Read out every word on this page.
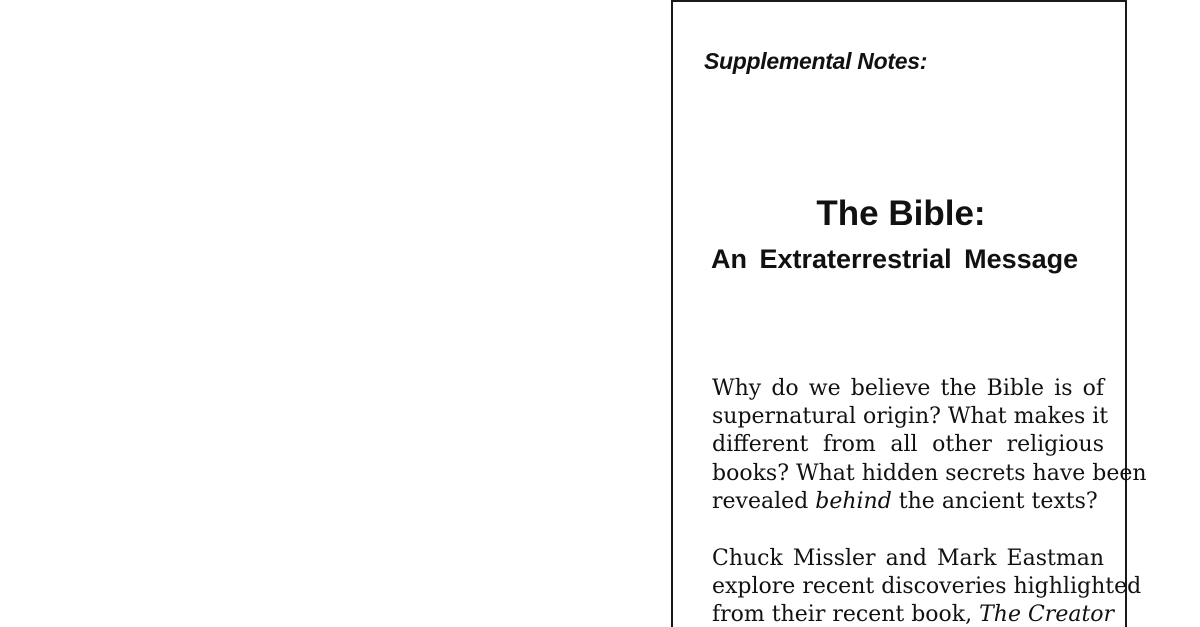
Supplemental Notes:
The Bible:
An Extraterrestrial Message

Why do we believe the Bible is of
supernatural origin? What makes it
different from all other religious
books? What hidden secrets have been
revealed behind the ancient texts?

Chuck Missler and Mark Eastman
explore recent discoveries highlighted
from their recent book, The Creator
